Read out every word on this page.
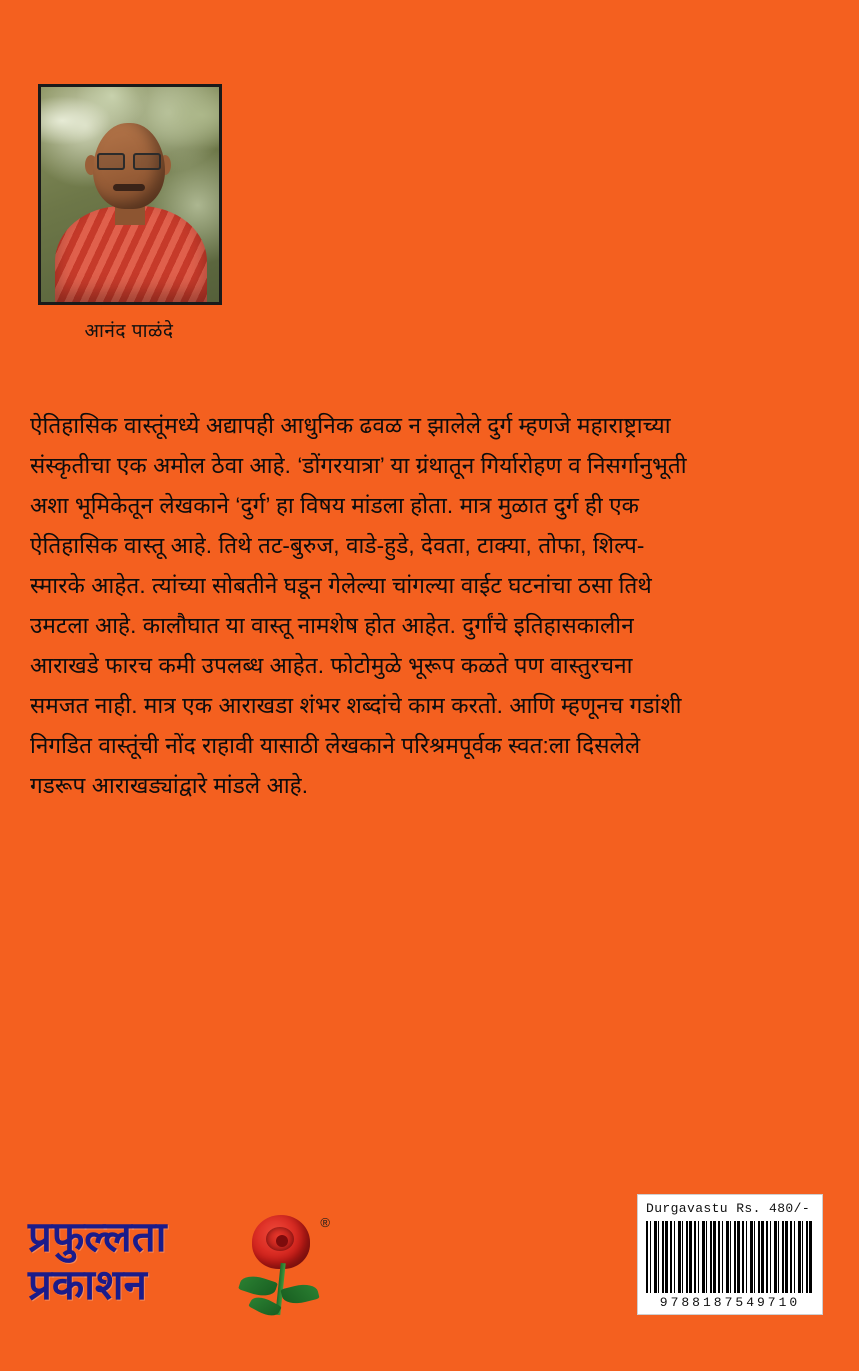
आनंद पाळंदे

ऐतिहासिक वास्तूंमध्ये अद्यापही आधुनिक ढवळ न झालेले दुर्ग म्हणजे महाराष्ट्राच्या संस्कृतीचा एक अमोल ठेवा आहे. ‘डोंगरयात्रा’ या ग्रंथातून गिर्यारोहण व निसर्गानुभूती अशा भूमिकेतून लेखकाने ‘दुर्ग’ हा विषय मांडला होता. मात्र मुळात दुर्ग ही एक ऐतिहासिक वास्तू आहे. तिथे तट-बुरुज, वाडे-हुडे, देवता, टाक्या, तोफा, शिल्प-स्मारके आहेत. त्यांच्या सोबतीने घडून गेलेल्या चांगल्या वाईट घटनांचा ठसा तिथे उमटला आहे. कालौघात या वास्तू नामशेष होत आहेत. दुर्गांचे इतिहासकालीन आराखडे फारच कमी उपलब्ध आहेत. फोटोमुळे भूरूप कळते पण वास्तुरचना समजत नाही. मात्र एक आराखडा शंभर शब्दांचे काम करतो. आणि म्हणूनच गडांशी निगडित वास्तूंची नोंद राहावी यासाठी लेखकाने परिश्रमपूर्वक स्वत:ला दिसलेले गडरूप आराखड्यांद्वारे मांडले आहे.

प्रफुल्लता
प्रकाशन
®
Durgavastu Rs. 480/-
9788187549710
